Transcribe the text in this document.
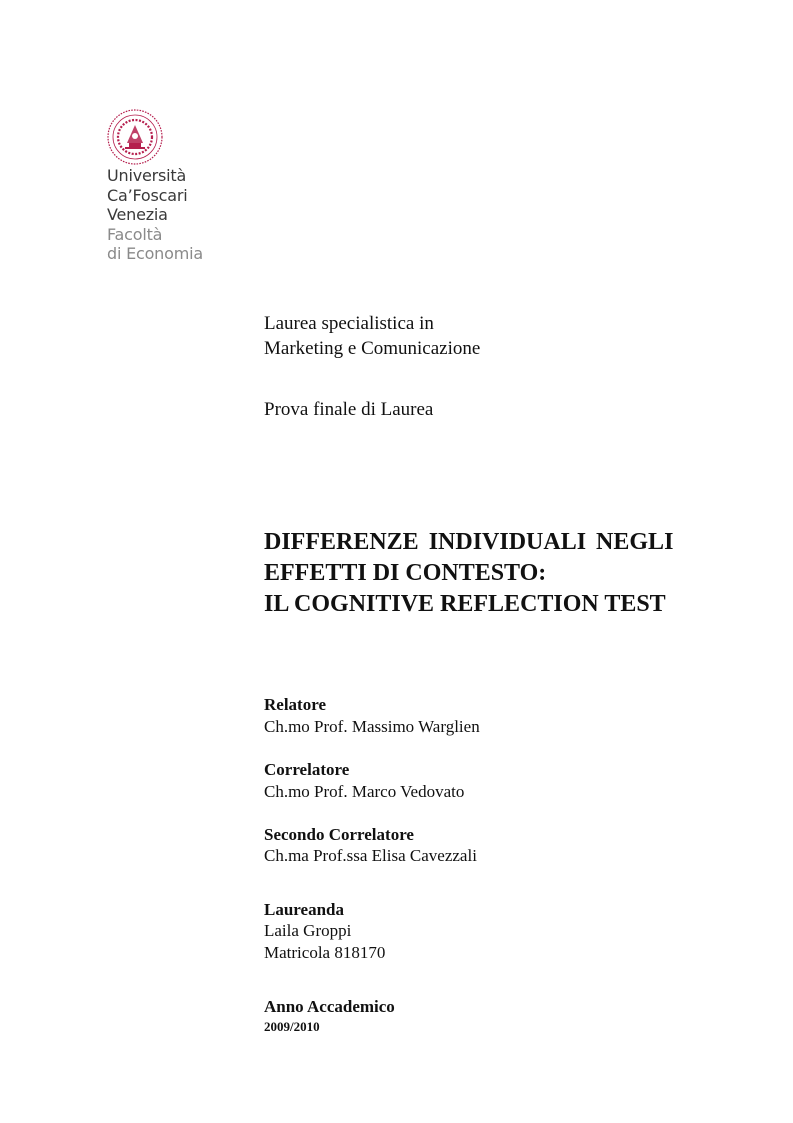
Università
Ca’Foscari
Venezia
Facoltà
di Economia
Laurea specialistica in
Marketing e Comunicazione
Prova finale di Laurea
DIFFERENZE INDIVIDUALI NEGLI
EFFETTI DI CONTESTO:
IL COGNITIVE REFLECTION TEST
Relatore
Ch.mo Prof. Massimo Warglien
Correlatore
Ch.mo Prof. Marco Vedovato
Secondo Correlatore
Ch.ma Prof.ssa Elisa Cavezzali
Laureanda
Laila Groppi
Matricola 818170
Anno Accademico
2009/2010
